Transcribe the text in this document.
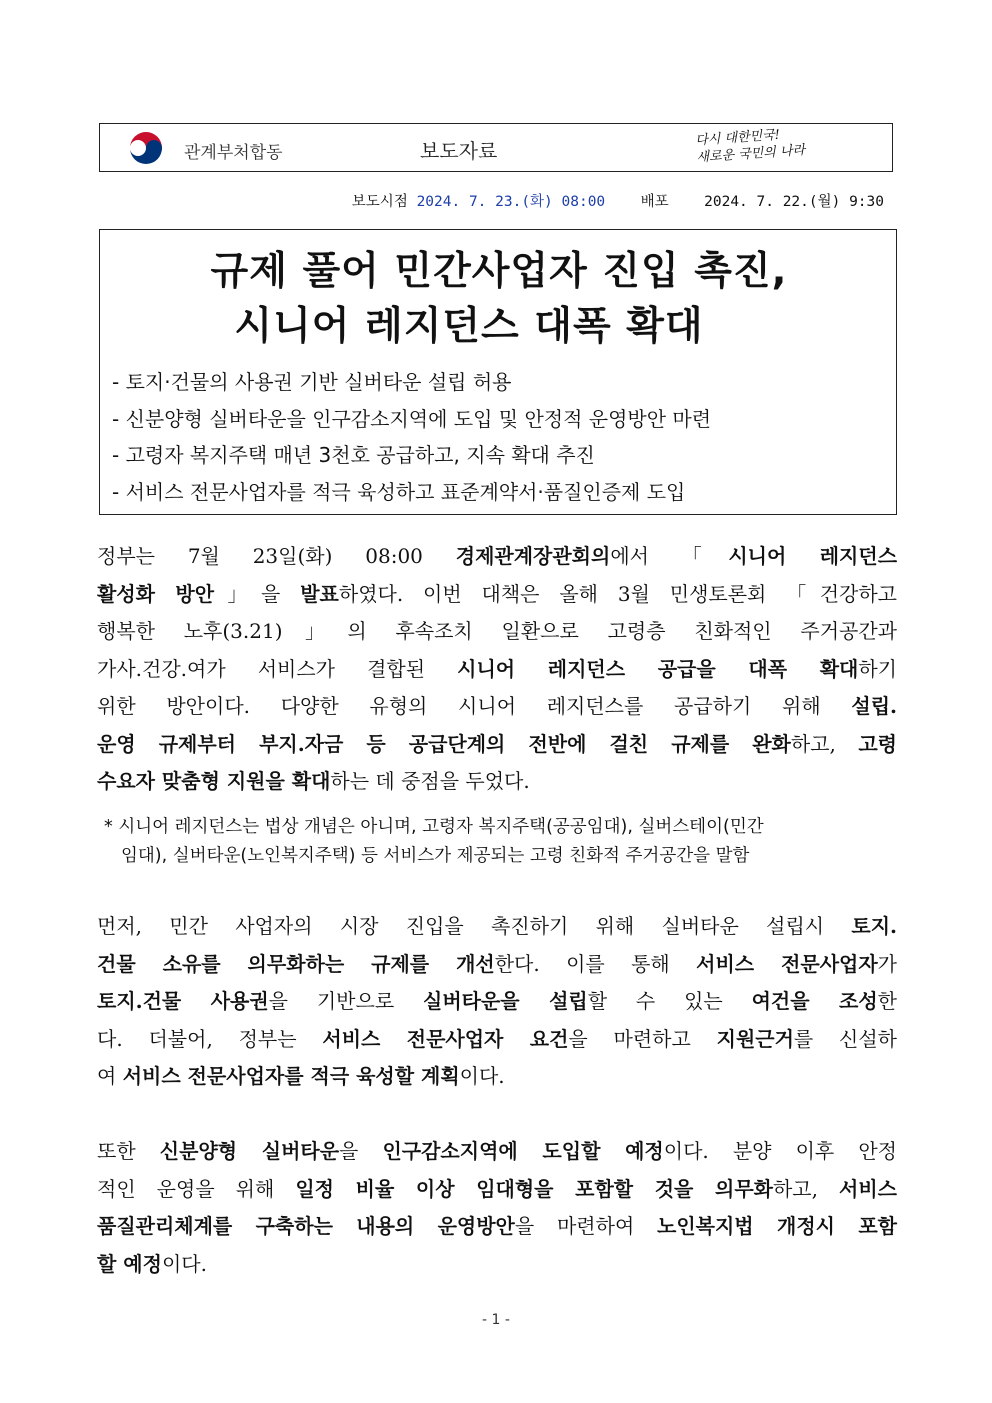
관계부처합동	보도자료
다시 대한민국!
새로운 국민의 나라
보도시점 2024. 7. 23.(화) 08:00 배포 2024. 7. 22.(월) 9:30
규제 풀어 민간사업자 진입 촉진,
시니어 레지던스 대폭 확대
- 토지·건물의 사용권 기반 실버타운 설립 허용
- 신분양형 실버타운을 인구감소지역에 도입 및 안정적 운영방안 마련
- 고령자 복지주택 매년 3천호 공급하고, 지속 확대 추진
- 서비스 전문사업자를 적극 육성하고 표준계약서·품질인증제 도입
정부는 7월 23일(화) 08:00 경제관계장관회의에서 「시니어 레지던스
활성화 방안」을 발표하였다. 이번 대책은 올해 3월 민생토론회 「건강하고
행복한 노후(3.21)」의 후속조치 일환으로 고령층 친화적인 주거공간과
가사.건강.여가 서비스가 결합된 시니어 레지던스 공급을 대폭 확대하기
위한 방안이다. 다양한 유형의 시니어 레지던스를 공급하기 위해 설립.
운영 규제부터 부지.자금 등 공급단계의 전반에 걸친 규제를 완화하고, 고령
수요자 맞춤형 지원을 확대하는 데 중점을 두었다.
* 시니어 레지던스는 법상 개념은 아니며, 고령자 복지주택(공공임대), 실버스테이(민간
임대), 실버타운(노인복지주택) 등 서비스가 제공되는 고령 친화적 주거공간을 말함
먼저, 민간 사업자의 시장 진입을 촉진하기 위해 실버타운 설립시 토지.
건물 소유를 의무화하는 규제를 개선한다. 이를 통해 서비스 전문사업자가
토지.건물 사용권을 기반으로 실버타운을 설립할 수 있는 여건을 조성한
다. 더불어, 정부는 서비스 전문사업자 요건을 마련하고 지원근거를 신설하
여 서비스 전문사업자를 적극 육성할 계획이다.
또한 신분양형 실버타운을 인구감소지역에 도입할 예정이다. 분양 이후 안정
적인 운영을 위해 일정 비율 이상 임대형을 포함할 것을 의무화하고, 서비스
품질관리체계를 구축하는 내용의 운영방안을 마련하여 노인복지법 개정시 포함
할 예정이다.
- 1 -
